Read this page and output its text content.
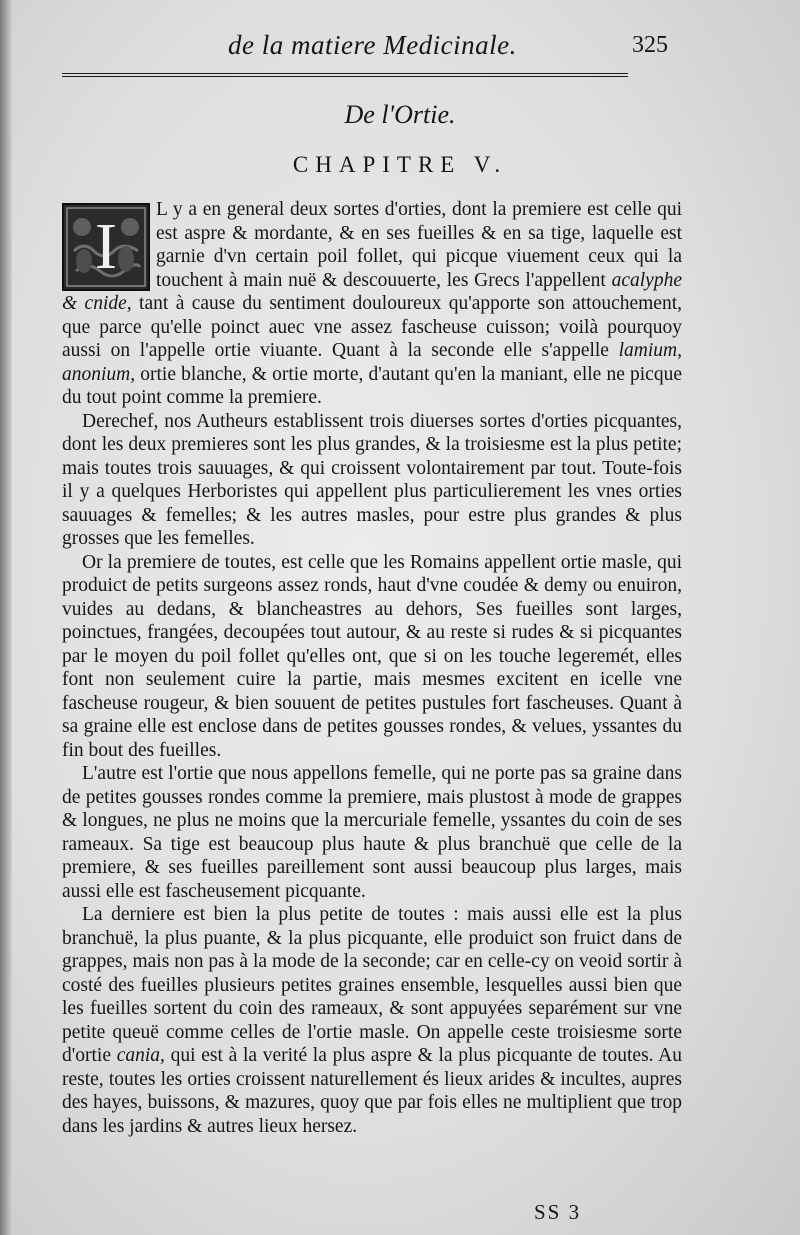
de la matiere Medicinale.	325
De l'Ortie.
CHAPITRE V.
I

L y a en general deux sortes d'orties, dont la premiere est celle qui est aspre & mordante, & en ses fueilles & en sa tige, laquelle est garnie d'vn certain poil follet, qui picque viuement ceux qui la touchent à main nuë & descouuerte, les Grecs l'appellent acalyphe & cnide, tant à cause du sentiment douloureux qu'apporte son attouchement, que parce qu'elle poinct auec vne assez fascheuse cuisson; voilà pourquoy aussi on l'appelle ortie viuante. Quant à la seconde elle s'appelle lamium, anonium, ortie blanche, & ortie morte, d'autant qu'en la maniant, elle ne picque du tout point comme la premiere.

Derechef, nos Autheurs establissent trois diuerses sortes d'orties picquantes, dont les deux premieres sont les plus grandes, & la troisiesme est la plus petite; mais toutes trois sauuages, & qui croissent volontairement par tout. Toute-fois il y a quelques Herboristes qui appellent plus particulierement les vnes orties sauuages & femelles; & les autres masles, pour estre plus grandes & plus grosses que les femelles.

Or la premiere de toutes, est celle que les Romains appellent ortie masle, qui produict de petits surgeons assez ronds, haut d'vne coudée & demy ou enuiron, vuides au dedans, & blancheastres au dehors, Ses fueilles sont larges, poinctues, frangées, decoupées tout autour, & au reste si rudes & si picquantes par le moyen du poil follet qu'elles ont, que si on les touche legeremét, elles font non seulement cuire la partie, mais mesmes excitent en icelle vne fascheuse rougeur, & bien souuent de petites pustules fort fascheuses. Quant à sa graine elle est enclose dans de petites gousses rondes, & velues, yssantes du fin bout des fueilles.

L'autre est l'ortie que nous appellons femelle, qui ne porte pas sa graine dans de petites gousses rondes comme la premiere, mais plustost à mode de grappes & longues, ne plus ne moins que la mercuriale femelle, yssantes du coin de ses rameaux. Sa tige est beaucoup plus haute & plus branchuë que celle de la premiere, & ses fueilles pareillement sont aussi beaucoup plus larges, mais aussi elle est fascheusement picquante.

La derniere est bien la plus petite de toutes : mais aussi elle est la plus branchuë, la plus puante, & la plus picquante, elle produict son fruict dans de grappes, mais non pas à la mode de la seconde; car en celle-cy on veoid sortir à costé des fueilles plusieurs petites graines ensemble, lesquelles aussi bien que les fueilles sortent du coin des rameaux, & sont appuyées separément sur vne petite queuë comme celles de l'ortie masle. On appelle ceste troisiesme sorte d'ortie cania, qui est à la verité la plus aspre & la plus picquante de toutes. Au reste, toutes les orties croissent naturellement és lieux arides & incultes, aupres des hayes, buissons, & mazures, quoy que par fois elles ne multiplient que trop dans les jardins & autres lieux hersez.

SS 3
